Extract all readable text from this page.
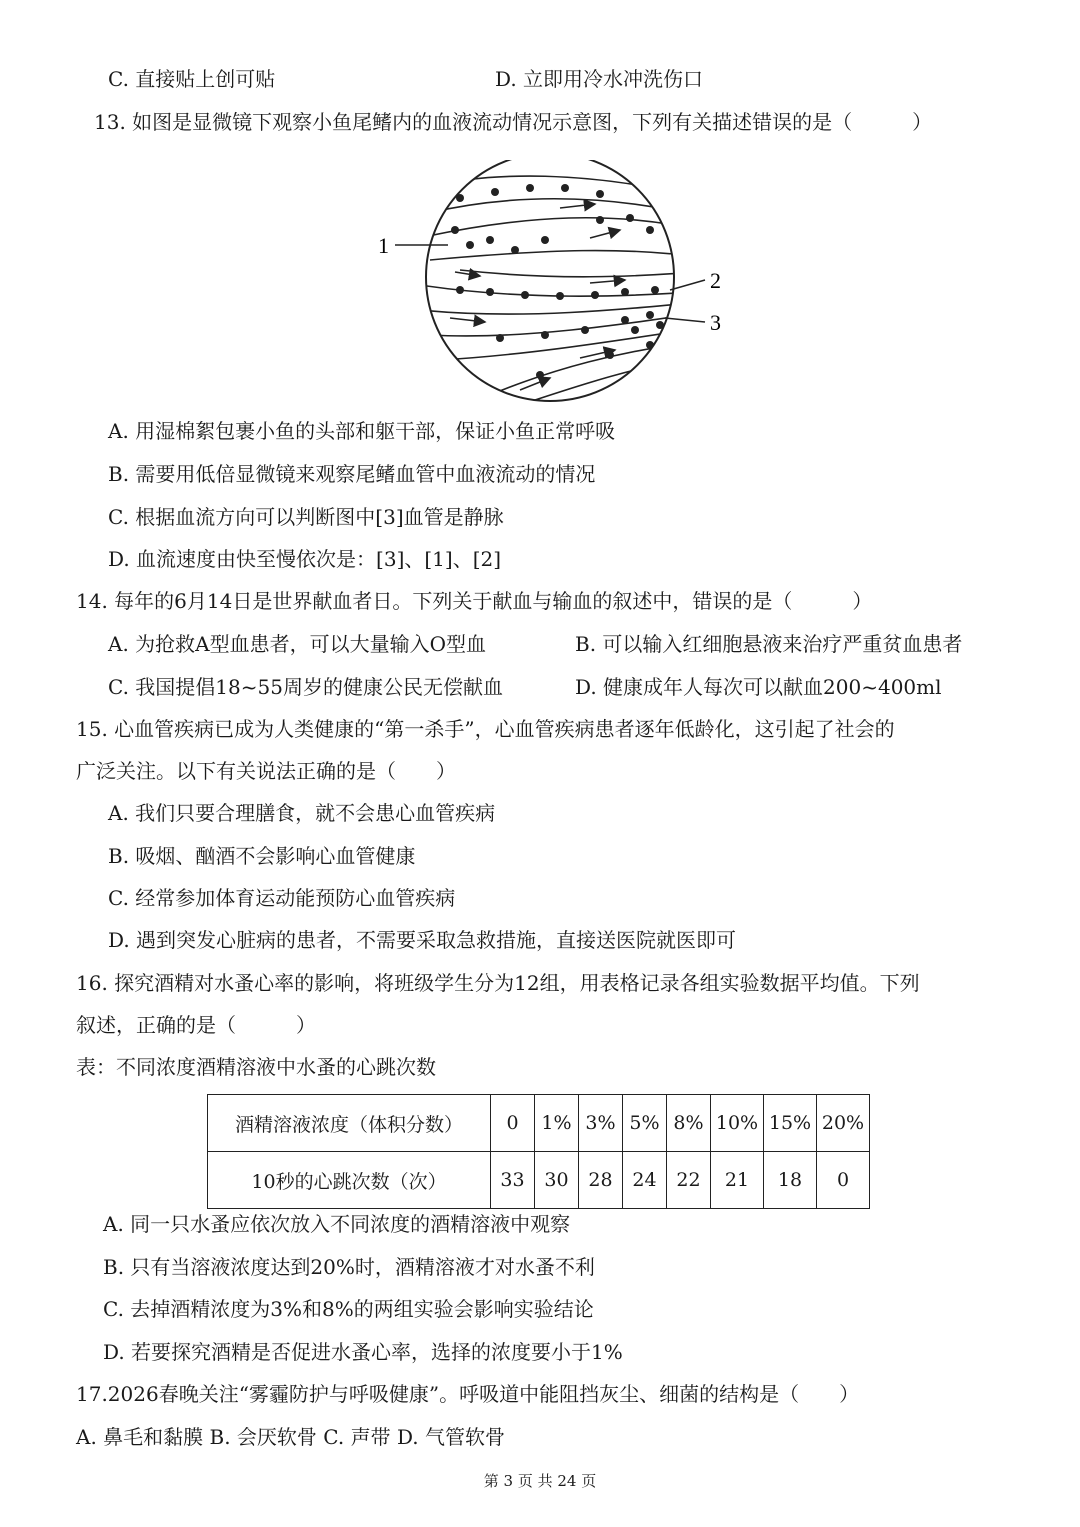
C. 直接贴上创可贴	D. 立即用冷水冲洗伤口
13. 如图是显微镜下观察小鱼尾鳍内的血液流动情况示意图，下列有关描述错误的是（　　　）
1
2
3
A. 用湿棉絮包裹小鱼的头部和躯干部，保证小鱼正常呼吸
B. 需要用低倍显微镜来观察尾鳍血管中血液流动的情况
C. 根据血流方向可以判断图中[3]血管是静脉
D. 血流速度由快至慢依次是：[3]、[1]、[2]
14. 每年的6月14日是世界献血者日。下列关于献血与输血的叙述中，错误的是（　　　）
A. 为抢救A型血患者，可以大量输入O型血	B. 可以输入红细胞悬液来治疗严重贫血患者
C. 我国提倡18~55周岁的健康公民无偿献血	D. 健康成年人每次可以献血200~400ml
15. 心血管疾病已成为人类健康的“第一杀手”，心血管疾病患者逐年低龄化，这引起了社会的
广泛关注。以下有关说法正确的是（　　）
A. 我们只要合理膳食，就不会患心血管疾病
B. 吸烟、酗酒不会影响心血管健康
C. 经常参加体育运动能预防心血管疾病
D. 遇到突发心脏病的患者，不需要采取急救措施，直接送医院就医即可
16. 探究酒精对水蚤心率的影响，将班级学生分为12组，用表格记录各组实验数据平均值。下列
叙述，正确的是（　　　）
表：不同浓度酒精溶液中水蚤的心跳次数
酒精溶液浓度（体积分数）	0	1%	3%	5%	8%	10%	15%	20%
10秒的心跳次数（次）	33	30	28	24	22	21	18	0
A. 同一只水蚤应依次放入不同浓度的酒精溶液中观察
B. 只有当溶液浓度达到20%时，酒精溶液才对水蚤不利
C. 去掉酒精浓度为3%和8%的两组实验会影响实验结论
D. 若要探究酒精是否促进水蚤心率，选择的浓度要小于1%
17.2026春晚关注“雾霾防护与呼吸健康”。呼吸道中能阻挡灰尘、细菌的结构是（　　）
A. 鼻毛和黏膜 B. 会厌软骨 C. 声带 D. 气管软骨
第 3 页 共 24 页
